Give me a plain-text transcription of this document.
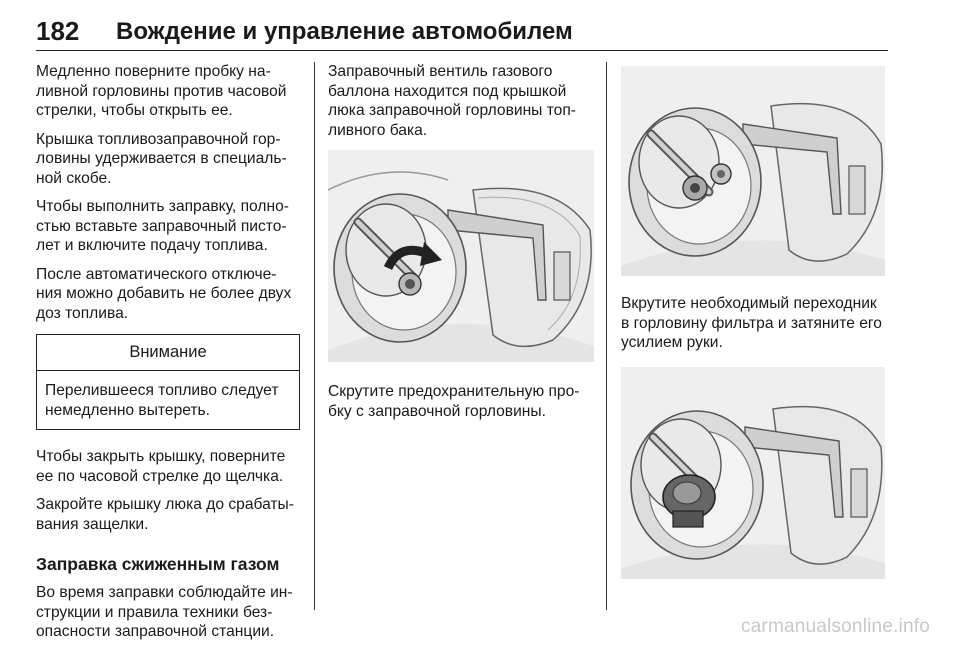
182 Вождение и управление автомобилем

Медленно поверните пробку на-ливной горловины против часовой стрелки, чтобы открыть ее.

Крышка топливозаправочной гор-ловины удерживается в специаль-ной скобе.

Чтобы выполнить заправку, полно-стью вставьте заправочный писто-лет и включите подачу топлива.

После автоматического отключе-ния можно добавить не более двух доз топлива.

Внимание
Перелившееся топливо следует немедленно вытереть.

Чтобы закрыть крышку, поверните ее по часовой стрелке до щелчка.

Закройте крышку люка до срабаты-вания защелки.

Заправка сжиженным газом

Во время заправки соблюдайте ин-струкции и правила техники без-опасности заправочной станции.

Заправочный вентиль газового баллона находится под крышкой люка заправочной горловины топ-ливного бака.

Скрутите предохранительную про-бку с заправочной горловины.

Вкрутите необходимый переходник в горловину фильтра и затяните его усилием руки.

carmanualsonline.info
